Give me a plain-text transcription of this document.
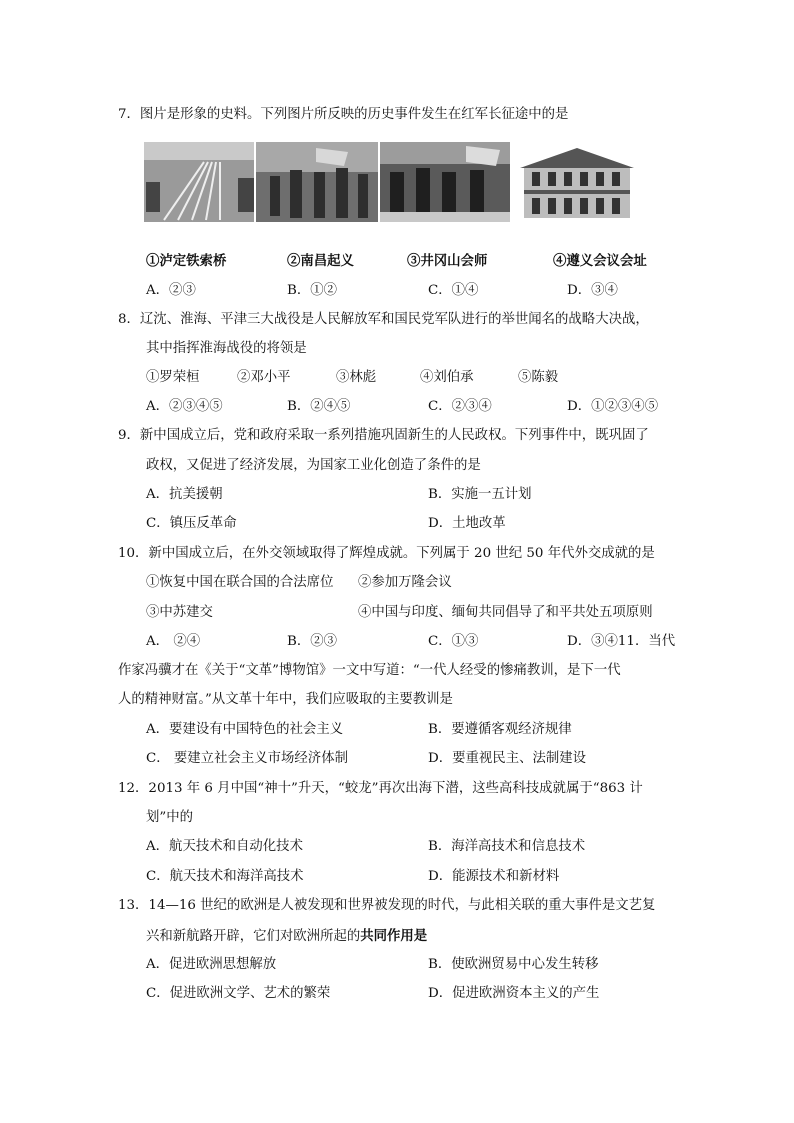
7．图片是形象的史料。下列图片所反映的历史事件发生在红军长征途中的是
①泸定铁索桥	②南昌起义	③井冈山会师	④遵义会议会址
A．②③	B．①②	C．①④	D．③④
8．辽沈、淮海、平津三大战役是人民解放军和国民党军队进行的举世闻名的战略大决战，
其中指挥淮海战役的将领是
①罗荣桓	②邓小平	③林彪	④刘伯承	⑤陈毅
A．②③④⑤	B．②④⑤	C．②③④	D．①②③④⑤
9．新中国成立后，党和政府采取一系列措施巩固新生的人民政权。下列事件中，既巩固了
政权，又促进了经济发展，为国家工业化创造了条件的是
A．抗美援朝	B．实施一五计划
C．镇压反革命	D．土地改革
10．新中国成立后，在外交领域取得了辉煌成就。下列属于 20 世纪 50 年代外交成就的是
①恢复中国在联合国的合法席位 ②参加万隆会议
③中苏建交	④中国与印度、缅甸共同倡导了和平共处五项原则
A． ②④	B．②③	C．①③	D．③④11．当代
作家冯骥才在《关于“文革”博物馆》一文中写道：“一代人经受的惨痛教训，是下一代
人的精神财富。”从文革十年中，我们应吸取的主要教训是
A．要建设有中国特色的社会主义	B．要遵循客观经济规律
C． 要建立社会主义市场经济体制	D．要重视民主、法制建设
12．2013 年 6 月中国“神十”升天，“蛟龙”再次出海下潜，这些高科技成就属于“863 计
划”中的
A．航天技术和自动化技术	B．海洋高技术和信息技术
C．航天技术和海洋高技术	D．能源技术和新材料
13．14—16 世纪的欧洲是人被发现和世界被发现的时代，与此相关联的重大事件是文艺复
兴和新航路开辟，它们对欧洲所起的共同作用是
A．促进欧洲思想解放	B．使欧洲贸易中心发生转移
C．促进欧洲文学、艺术的繁荣	D．促进欧洲资本主义的产生
